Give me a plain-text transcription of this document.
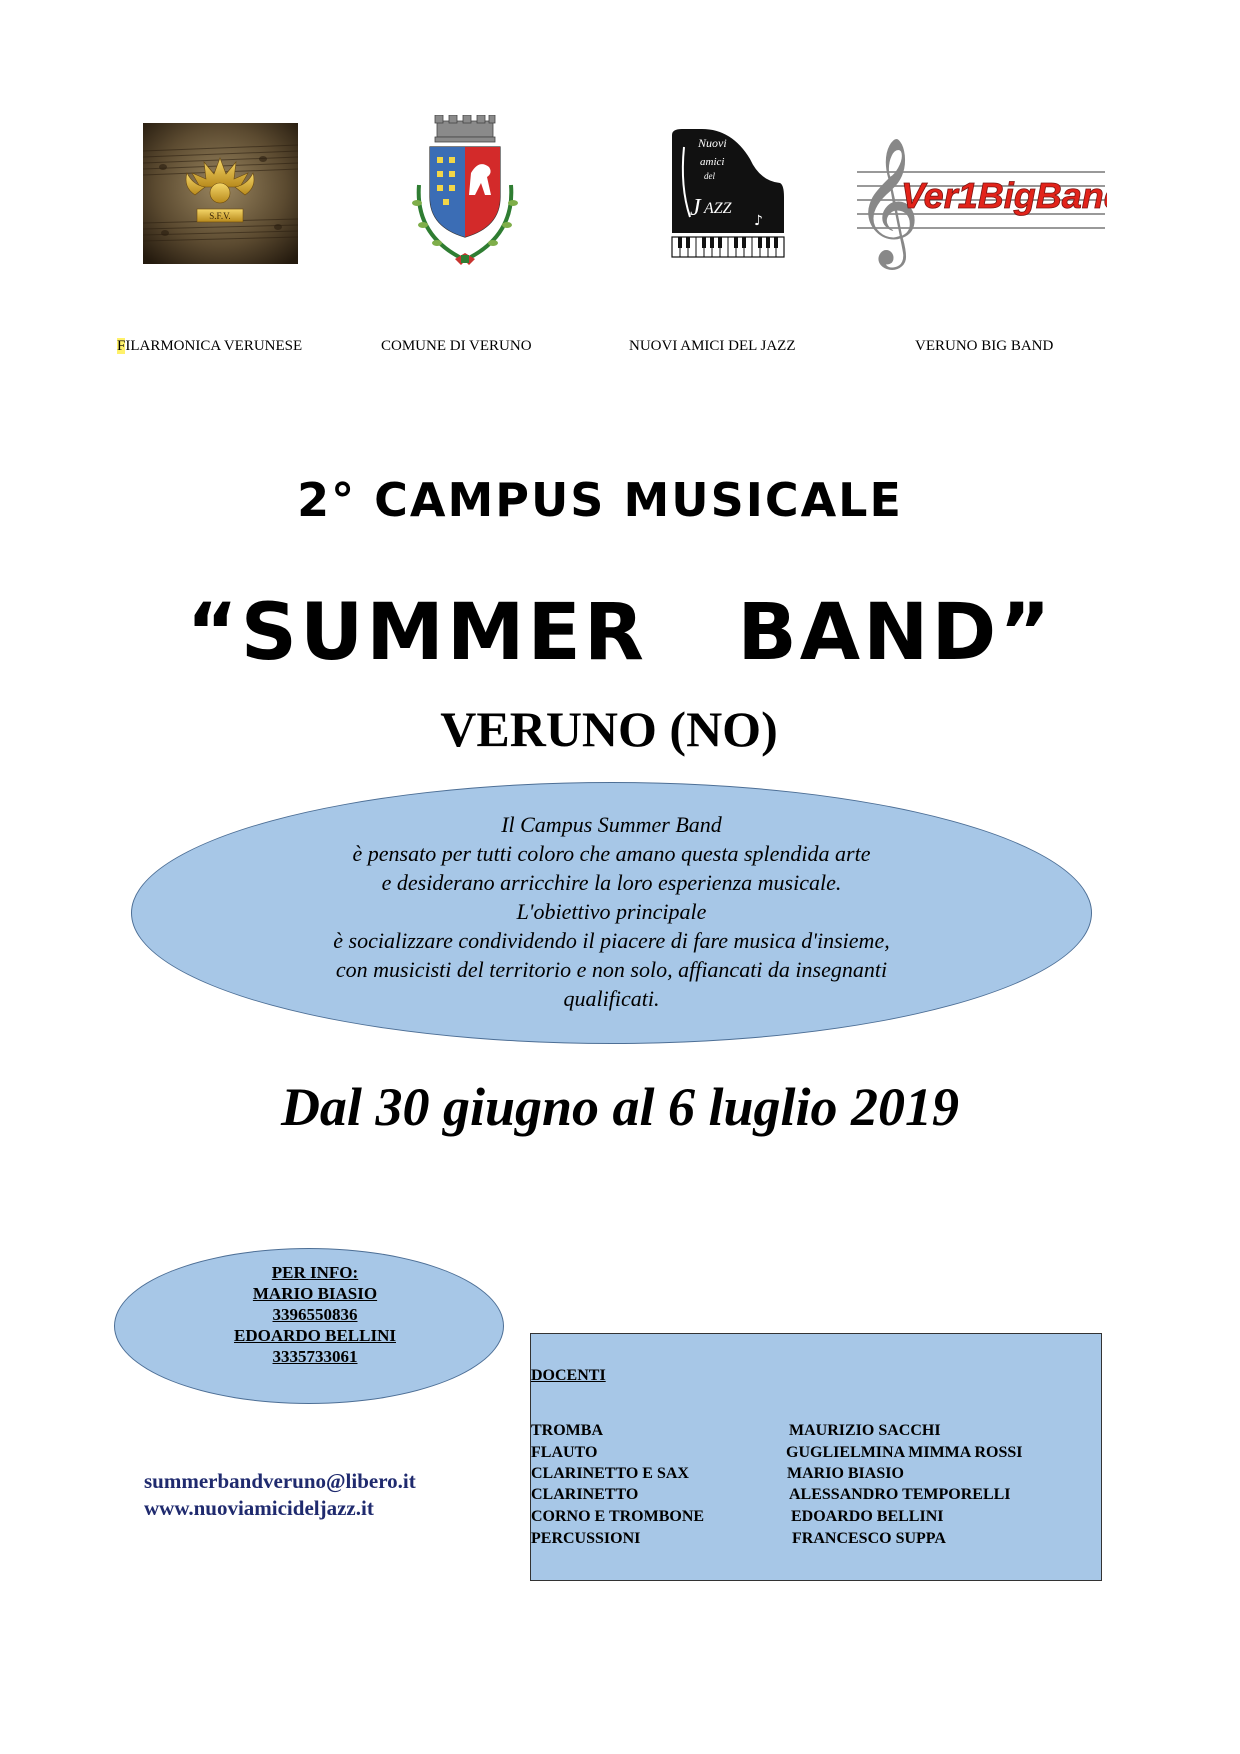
S.F.V.
Nuovi
amici
del
J AZZ
♪ 𝄞
Ver1BigBand
FILARMONICA VERUNESE	COMUNE DI VERUNO	NUOVI AMICI DEL JAZZ	VERUNO BIG BAND
2° CAMPUS MUSICALE
“SUMMER   BAND”
VERUNO (NO)
Il Campus Summer Band
è pensato per tutti coloro che amano questa splendida arte
e desiderano arricchire la loro esperienza musicale.
L'obiettivo principale
è socializzare condividendo il piacere di fare musica d'insieme,
con musicisti del territorio e non solo, affiancati da insegnanti
qualificati.
Dal 30 giugno al 6 luglio 2019
PER INFO:
MARIO BIASIO
3396550836
EDOARDO BELLINI
3335733061
summerbandveruno@libero.it
www.nuoviamicideljazz.it
DOCENTI
TROMBA	MAURIZIO SACCHI
FLAUTO	GUGLIELMINA MIMMA ROSSI
CLARINETTO E SAX	MARIO BIASIO
CLARINETTO	ALESSANDRO TEMPORELLI
CORNO E TROMBONE	EDOARDO BELLINI
PERCUSSIONI	FRANCESCO SUPPA
